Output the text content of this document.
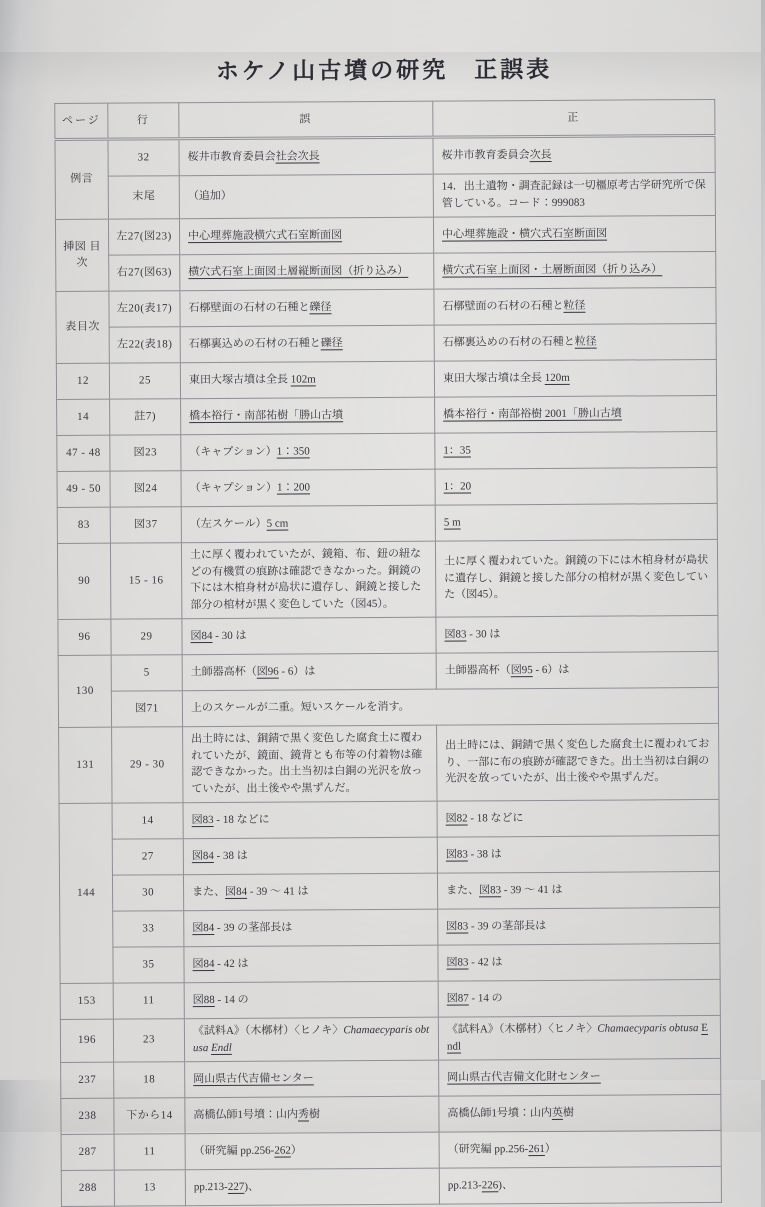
ホケノ山古墳の研究　正誤表
ページ	行	誤	正
例言	32	桜井市教育委員会社会次長	桜井市教育委員会次長
	末尾	（追加）	14．出土遺物・調査記録は一切橿原考古学研究所で保管している。コード：999083
挿図 目次	左27(図23)	中心埋葬施設横穴式石室断面図	中心埋葬施設・横穴式石室断面図
	右27(図63)	横穴式石室上面図土層縦断面図（折り込み）	横穴式石室上面図・土層断面図（折り込み）
表目次	左20(表17)	石槨壁面の石材の石種と礫径	石槨壁面の石材の石種と粒径
	左22(表18)	石槨裏込めの石材の石種と礫径	石槨裏込めの石材の石種と粒径
12	25	東田大塚古墳は全長 102m	東田大塚古墳は全長 120m
14	註7)	橋本裕行・南部祐樹「勝山古墳	橋本裕行・南部裕樹 2001「勝山古墳
47 - 48	図23	（キャプション）1：350	1：35
49 - 50	図24	（キャプション）1：200	1：20
83	図37	（左スケール）5 cm	5 m
90	15 - 16	土に厚く覆われていたが、鏡箱、布、鈕の紐などの有機質の痕跡は確認できなかった。銅鏡の下には木棺身材が島状に遺存し、銅鏡と接した部分の棺材が黒く変色していた（図45）。	土に厚く覆われていた。銅鏡の下には木棺身材が島状に遺存し、銅鏡と接した部分の棺材が黒く変色していた（図45）。
96	29	図84 - 30 は	図83 - 30 は
130	5	土師器高杯（図96 - 6）は	土師器高杯（図95 - 6）は
	図71	上のスケールが二重。短いスケールを消す。	
131	29 - 30	出土時には、銅錆で黒く変色した腐食土に覆われていたが、鏡面、鏡背とも布等の付着物は確認できなかった。出土当初は白銅の光沢を放っていたが、出土後やや黒ずんだ。	出土時には、銅錆で黒く変色した腐食土に覆われており、一部に布の痕跡が確認できた。出土当初は白銅の光沢を放っていたが、出土後やや黒ずんだ。
144	14	図83 - 18 などに	図82 - 18 などに
	27	図84 - 38 は	図83 - 38 は
	30	また、図84 - 39 ～ 41 は	また、図83 - 39 ～ 41 は
	33	図84 - 39 の茎部長は	図83 - 39 の茎部長は
	35	図84 - 42 は	図83 - 42 は
153	11	図88 - 14 の	図87 - 14 の
196	23	《試料A》（木槨材）〈ヒノキ〉Chamaecyparis obtusa Endl	《試料A》（木槨材）〈ヒノキ〉Chamaecyparis obtusa Endl
237	18	岡山県古代吉備センター	岡山県古代吉備文化財センター
238	下から14	高橋仏師1号墳：山内秀樹	高橋仏師1号墳：山内英樹
287	11	（研究編 pp.256-262）	（研究編 pp.256-261）
288	13	pp.213-227)、	pp.213-226)、
